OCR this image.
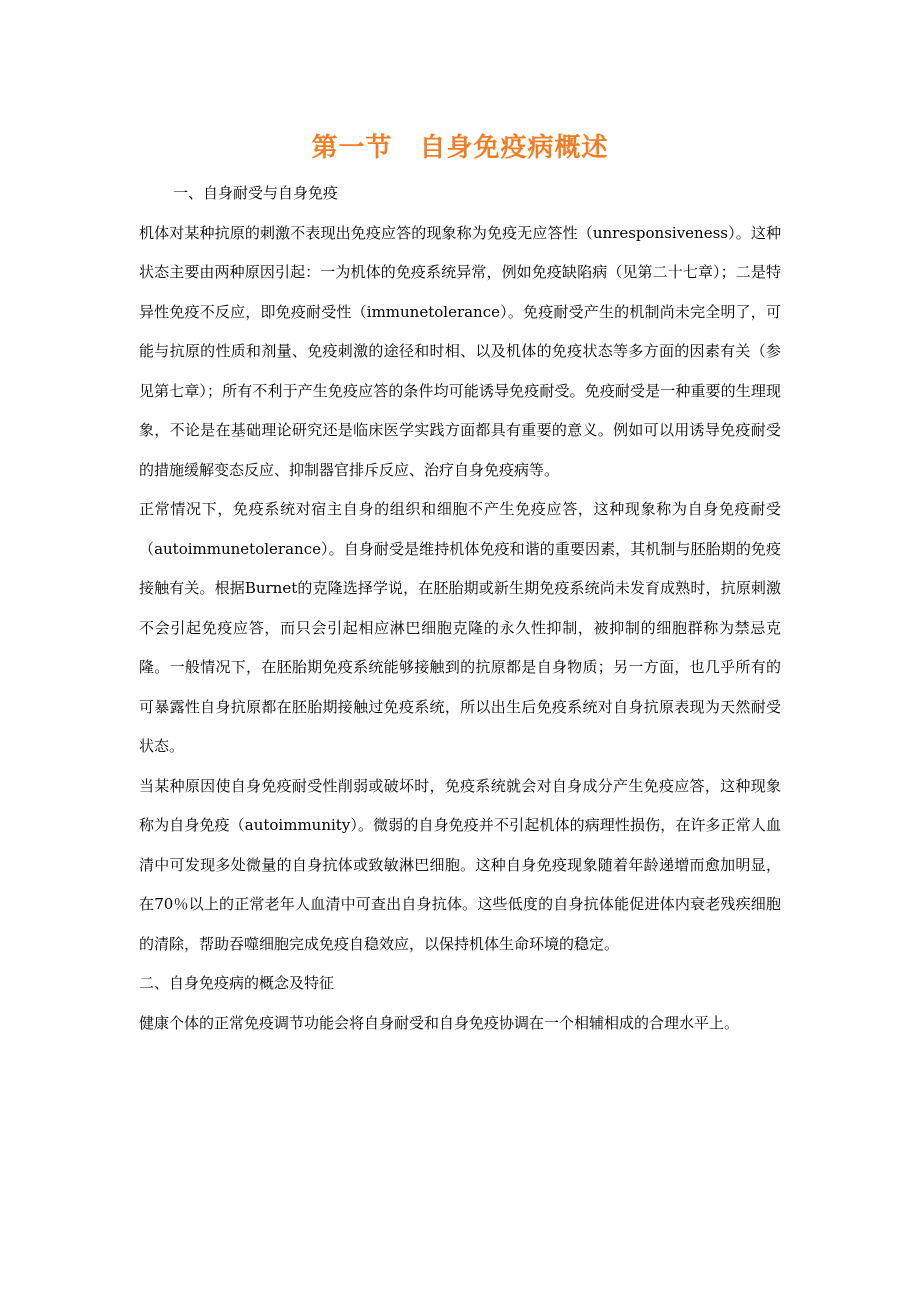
第一节　自身免疫病概述

一、自身耐受与自身免疫

机体对某种抗原的刺激不表现出免疫应答的现象称为免疫无应答性（unresponsiveness）。这种状态主要由两种原因引起：一为机体的免疫系统异常，例如免疫缺陷病（见第二十七章）；二是特异性免疫不反应，即免疫耐受性（immunetolerance）。免疫耐受产生的机制尚未完全明了，可能与抗原的性质和剂量、免疫刺激的途径和时相、以及机体的免疫状态等多方面的因素有关（参见第七章）；所有不利于产生免疫应答的条件均可能诱导免疫耐受。免疫耐受是一种重要的生理现象，不论是在基础理论研究还是临床医学实践方面都具有重要的意义。例如可以用诱导免疫耐受的措施缓解变态反应、抑制器官排斥反应、治疗自身免疫病等。

正常情况下，免疫系统对宿主自身的组织和细胞不产生免疫应答，这种现象称为自身免疫耐受（autoimmunetolerance）。自身耐受是维持机体免疫和谐的重要因素，其机制与胚胎期的免疫接触有关。根据Burnet的克隆选择学说，在胚胎期或新生期免疫系统尚未发育成熟时，抗原刺激不会引起免疫应答，而只会引起相应淋巴细胞克隆的永久性抑制，被抑制的细胞群称为禁忌克隆。一般情况下，在胚胎期免疫系统能够接触到的抗原都是自身物质；另一方面，也几乎所有的可暴露性自身抗原都在胚胎期接触过免疫系统，所以出生后免疫系统对自身抗原表现为天然耐受状态。

当某种原因使自身免疫耐受性削弱或破坏时，免疫系统就会对自身成分产生免疫应答，这种现象称为自身免疫（autoimmunity）。微弱的自身免疫并不引起机体的病理性损伤，在许多正常人血清中可发现多处微量的自身抗体或致敏淋巴细胞。这种自身免疫现象随着年龄递增而愈加明显，在70％以上的正常老年人血清中可查出自身抗体。这些低度的自身抗体能促进体内衰老残疾细胞的清除，帮助吞噬细胞完成免疫自稳效应，以保持机体生命环境的稳定。

二、自身免疫病的概念及特征

健康个体的正常免疫调节功能会将自身耐受和自身免疫协调在一个相辅相成的合理水平上。
